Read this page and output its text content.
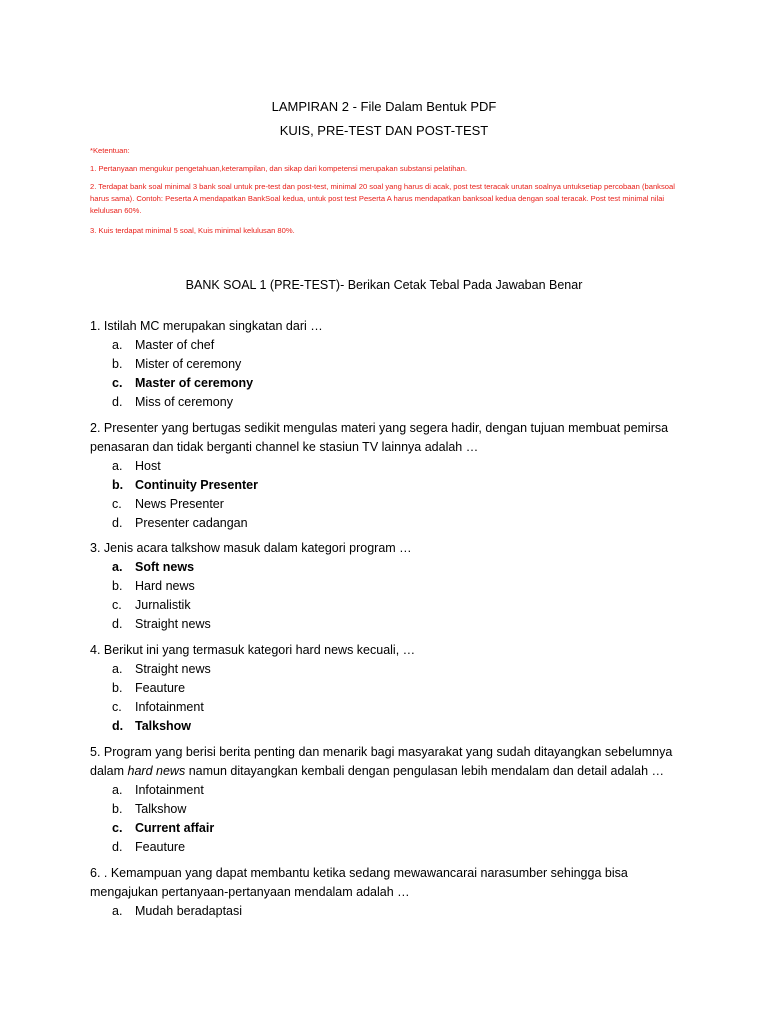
LAMPIRAN 2 - File Dalam Bentuk PDF
KUIS, PRE-TEST DAN POST-TEST
*Ketentuan:

1. Pertanyaan mengukur pengetahuan,keterampilan, dan sikap dari kompetensi merupakan substansi pelatihan.

2. Terdapat bank soal minimal 3 bank soal untuk pre-test dan post-test, minimal 20 soal yang harus di acak, post test teracak urutan soalnya untuksetiap percobaan (banksoal harus sama). Contoh: Peserta A mendapatkan BankSoal kedua, untuk post test Peserta A harus mendapatkan banksoal kedua dengan soal teracak. Post test minimal nilai kelulusan 60%.

3. Kuis terdapat minimal 5 soal, Kuis minimal kelulusan 80%.

BANK SOAL 1 (PRE-TEST)- Berikan Cetak Tebal Pada Jawaban Benar
1. Istilah MC merupakan singkatan dari …
a. Master of chef
b. Mister of ceremony
c. Master of ceremony
d. Miss of ceremony
2. Presenter yang bertugas sedikit mengulas materi yang segera hadir, dengan tujuan membuat pemirsa penasaran dan tidak berganti channel ke stasiun TV lainnya adalah …
a. Host
b. Continuity Presenter
c. News Presenter
d. Presenter cadangan
3. Jenis acara talkshow masuk dalam kategori program …
a. Soft news
b. Hard news
c. Jurnalistik
d. Straight news
4. Berikut ini yang termasuk kategori hard news kecuali, …
a. Straight news
b. Feauture
c. Infotainment
d. Talkshow
5. Program yang berisi berita penting dan menarik bagi masyarakat yang sudah ditayangkan sebelumnya dalam hard news namun ditayangkan kembali dengan pengulasan lebih mendalam dan detail adalah …
a. Infotainment
b. Talkshow
c. Current affair
d. Feauture
6. . Kemampuan yang dapat membantu ketika sedang mewawancarai narasumber sehingga bisa mengajukan pertanyaan-pertanyaan mendalam adalah …
a. Mudah beradaptasi
